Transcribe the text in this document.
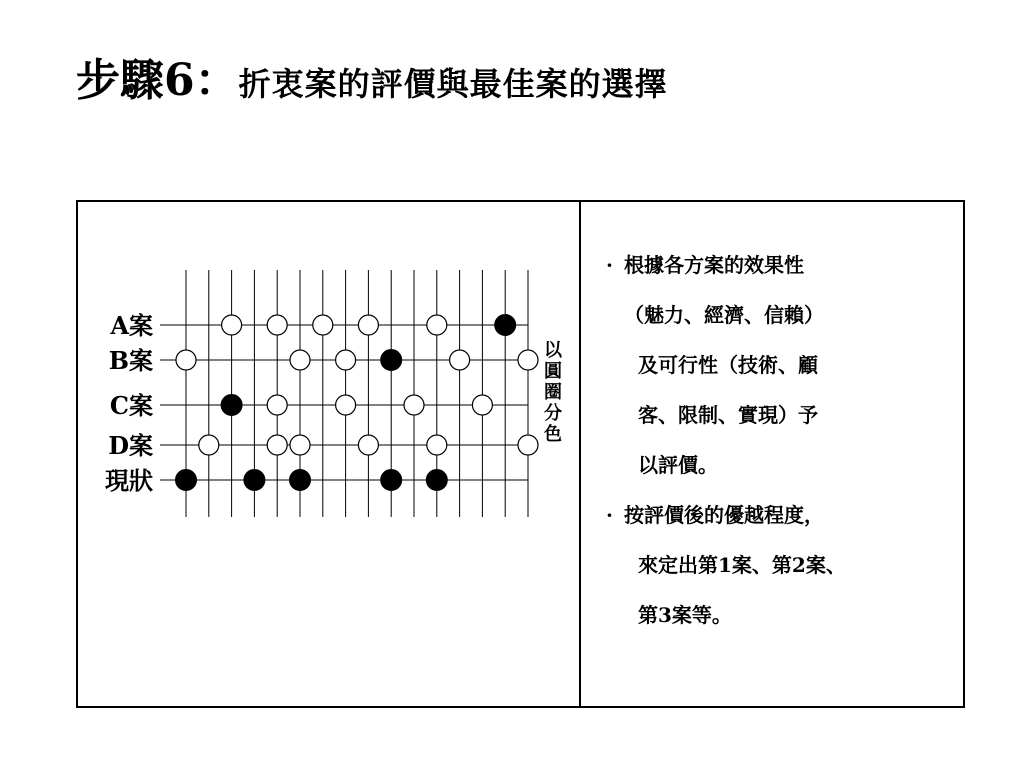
步驟6： 折衷案的評價與最佳案的選擇
A案
B案
C案
D案
現狀
以
圓
圈
分
色
· 根據各方案的效果性
（魅力、經濟、信賴）
及可行性（技術、顧
客、限制、實現）予
以評價。
· 按評價後的優越程度，
來定出第1案、第2案、
第3案等。
